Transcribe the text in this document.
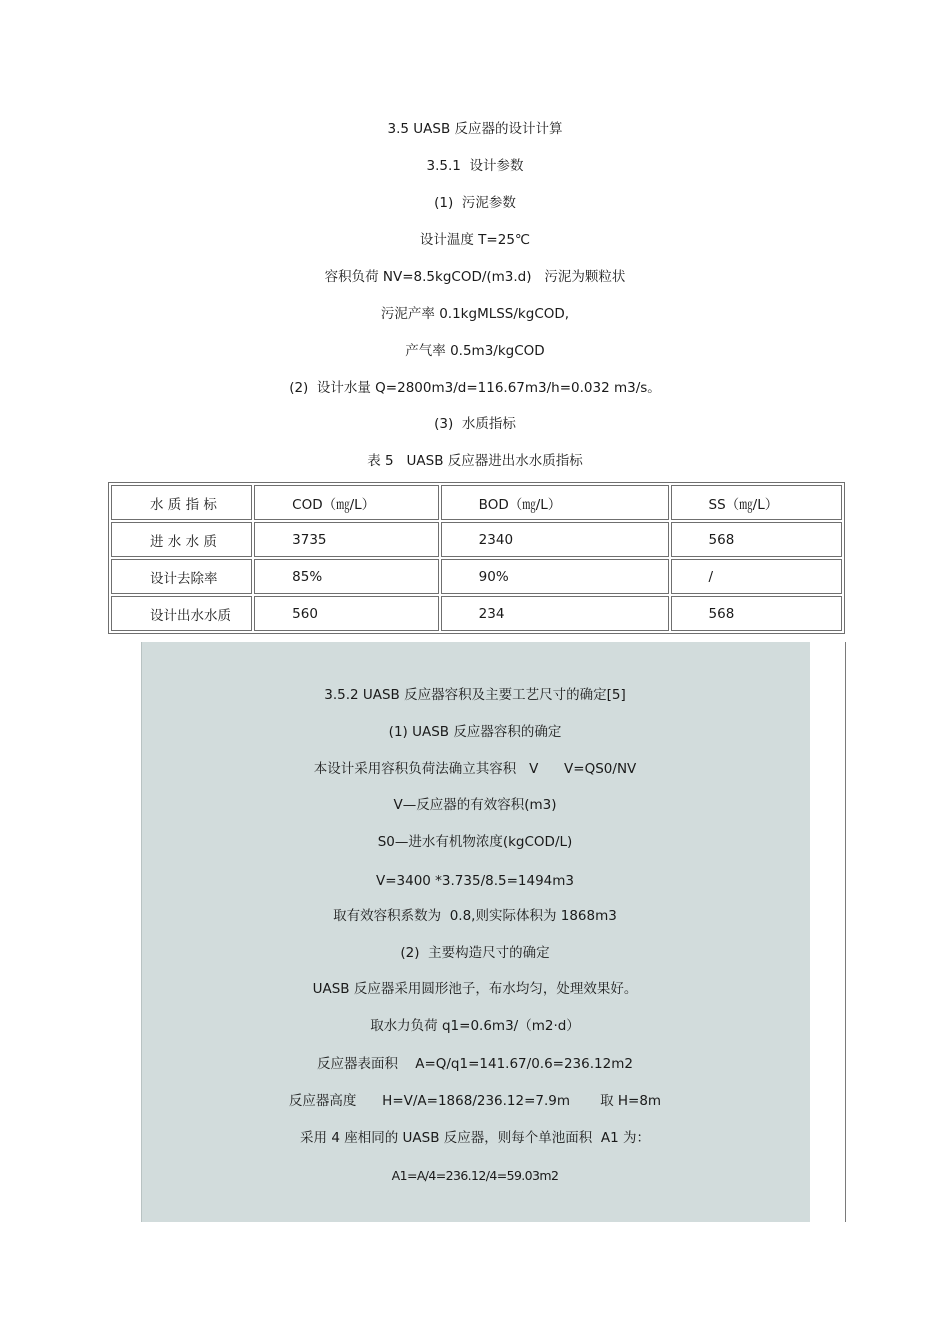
3.5 UASB 反应器的设计计算
3.5.1  设计参数
(1)  污泥参数
设计温度 T=25℃
容积负荷 NV=8.5kgCOD/(m3.d)   污泥为颗粒状
污泥产率 0.1kgMLSS/kgCOD,
产气率 0.5m3/kgCOD
(2)  设计水量 Q=2800m3/d=116.67m3/h=0.032 m3/s。
(3)  水质指标
表 5   UASB 反应器进出水水质指标
水 质 指 标	COD（㎎/L）	BOD（㎎/L）	SS（㎎/L）
进 水 水 质	3735	2340	568
设计去除率	85%	90%	/
设计出水水质	560	234	568
3.5.2 UASB 反应器容积及主要工艺尺寸的确定[5]
(1) UASB 反应器容积的确定
本设计采用容积负荷法确立其容积   V      V=QS0/NV
V—反应器的有效容积(m3)
S0—进水有机物浓度(kgCOD/L)
V=3400 *3.735/8.5=1494m3
取有效容积系数为  0.8,则实际体积为 1868m3
(2)  主要构造尺寸的确定
UASB 反应器采用圆形池子，布水均匀，处理效果好。
取水力负荷 q1=0.6m3/（m2·d）
反应器表面积    A=Q/q1=141.67/0.6=236.12m2
反应器高度      H=V/A=1868/236.12=7.9m       取 H=8m
采用 4 座相同的 UASB 反应器，则每个单池面积  A1 为：
A1=A/4=236.12/4=59.03m2
